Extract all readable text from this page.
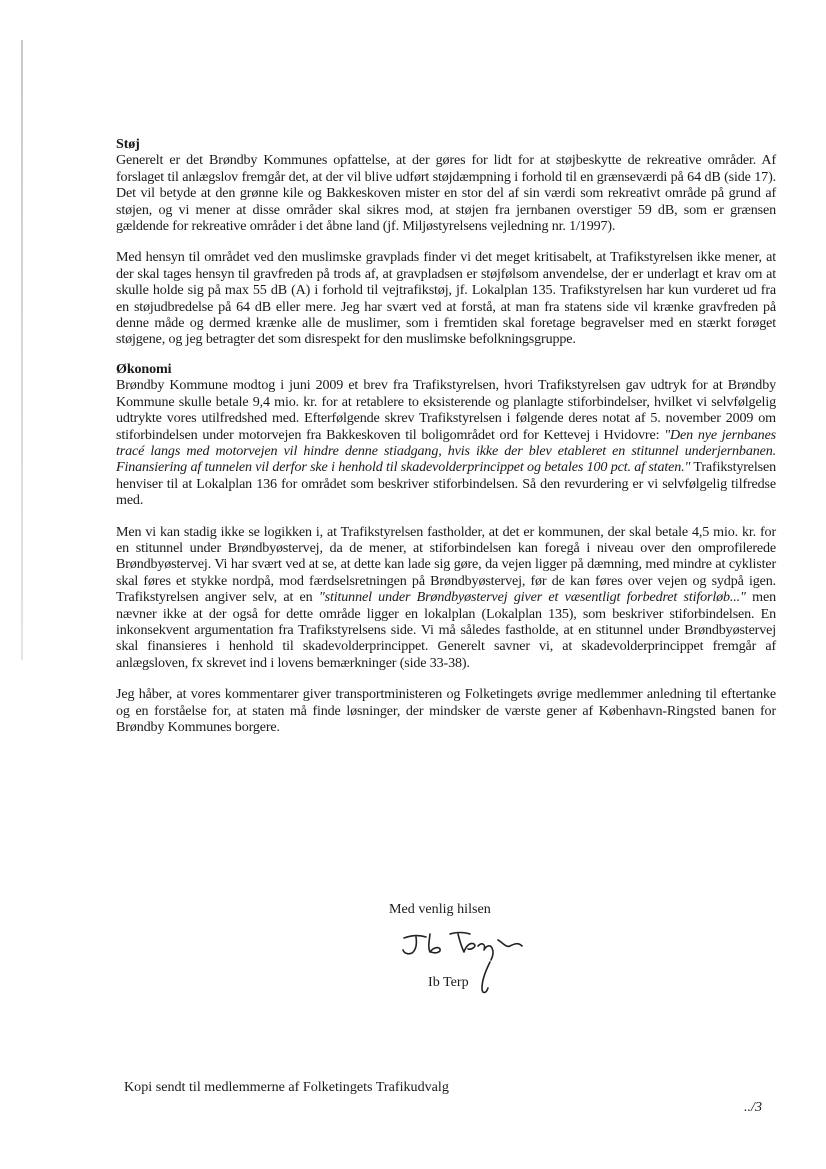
Støj

Generelt er det Brøndby Kommunes opfattelse, at der gøres for lidt for at støjbeskytte de rekreative områder. Af forslaget til anlægslov fremgår det, at der vil blive udført støjdæmpning i forhold til en grænseværdi på 64 dB (side 17). Det vil betyde at den grønne kile og Bakkeskoven mister en stor del af sin værdi som rekreativt område på grund af støjen, og vi mener at disse områder skal sikres mod, at støjen fra jernbanen overstiger 59 dB, som er grænsen gældende for rekreative områder i det åbne land (jf. Miljøstyrelsens vejledning nr. 1/1997).

Med hensyn til området ved den muslimske gravplads finder vi det meget kritisabelt, at Trafikstyrelsen ikke mener, at der skal tages hensyn til gravfreden på trods af, at gravpladsen er støjfølsom anvendelse, der er underlagt et krav om at skulle holde sig på max 55 dB (A) i forhold til vejtrafikstøj, jf. Lokalplan 135. Trafikstyrelsen har kun vurderet ud fra en støjudbredelse på 64 dB eller mere. Jeg har svært ved at forstå, at man fra statens side vil krænke gravfreden på denne måde og dermed krænke alle de muslimer, som i fremtiden skal foretage begravelser med en stærkt forøget støjgene, og jeg betragter det som disrespekt for den muslimske befolkningsgruppe.

Økonomi

Brøndby Kommune modtog i juni 2009 et brev fra Trafikstyrelsen, hvori Trafikstyrelsen gav udtryk for at Brøndby Kommune skulle betale 9,4 mio. kr. for at retablere to eksisterende og planlagte stiforbindelser, hvilket vi selvfølgelig udtrykte vores utilfredshed med. Efterfølgende skrev Trafikstyrelsen i følgende deres notat af 5. november 2009 om stiforbindelsen under motorvejen fra Bakkeskoven til boligområdet ord for Kettevej i Hvidovre: "Den nye jernbanes tracé langs med motorvejen vil hindre denne stiadgang, hvis ikke der blev etableret en stitunnel underjernbanen. Finansiering af tunnelen vil derfor ske i henhold til skadevolderprincippet og betales 100 pct. af staten." Trafikstyrelsen henviser til at Lokalplan 136 for området som beskriver stiforbindelsen. Så den revurdering er vi selvfølgelig tilfredse med.

Men vi kan stadig ikke se logikken i, at Trafikstyrelsen fastholder, at det er kommunen, der skal betale 4,5 mio. kr. for en stitunnel under Brøndbyøstervej, da de mener, at stiforbindelsen kan foregå i niveau over den omprofilerede Brøndbyøstervej. Vi har svært ved at se, at dette kan lade sig gøre, da vejen ligger på dæmning, med mindre at cyklister skal føres et stykke nordpå, mod færdselsretningen på Brøndbyøstervej, før de kan føres over vejen og sydpå igen. Trafikstyrelsen angiver selv, at en "stitunnel under Brøndbyøstervej giver et væsentligt forbedret stiforløb..." men nævner ikke at der også for dette område ligger en lokalplan (Lokalplan 135), som beskriver stiforbindelsen. En inkonsekvent argumentation fra Trafikstyrelsens side. Vi må således fastholde, at en stitunnel under Brøndbyøstervej skal finansieres i henhold til skadevolderprincippet. Generelt savner vi, at skadevolderprincippet fremgår af anlægsloven, fx skrevet ind i lovens bemærkninger (side 33-38).

Jeg håber, at vores kommentarer giver transportministeren og Folketingets øvrige medlemmer anledning til eftertanke og en forståelse for, at staten må finde løsninger, der mindsker de værste gener af København-Ringsted banen for Brøndby Kommunes borgere.

Med venlig hilsen
Ib Terp
Kopi sendt til medlemmerne af Folketingets Trafikudvalg
../3
